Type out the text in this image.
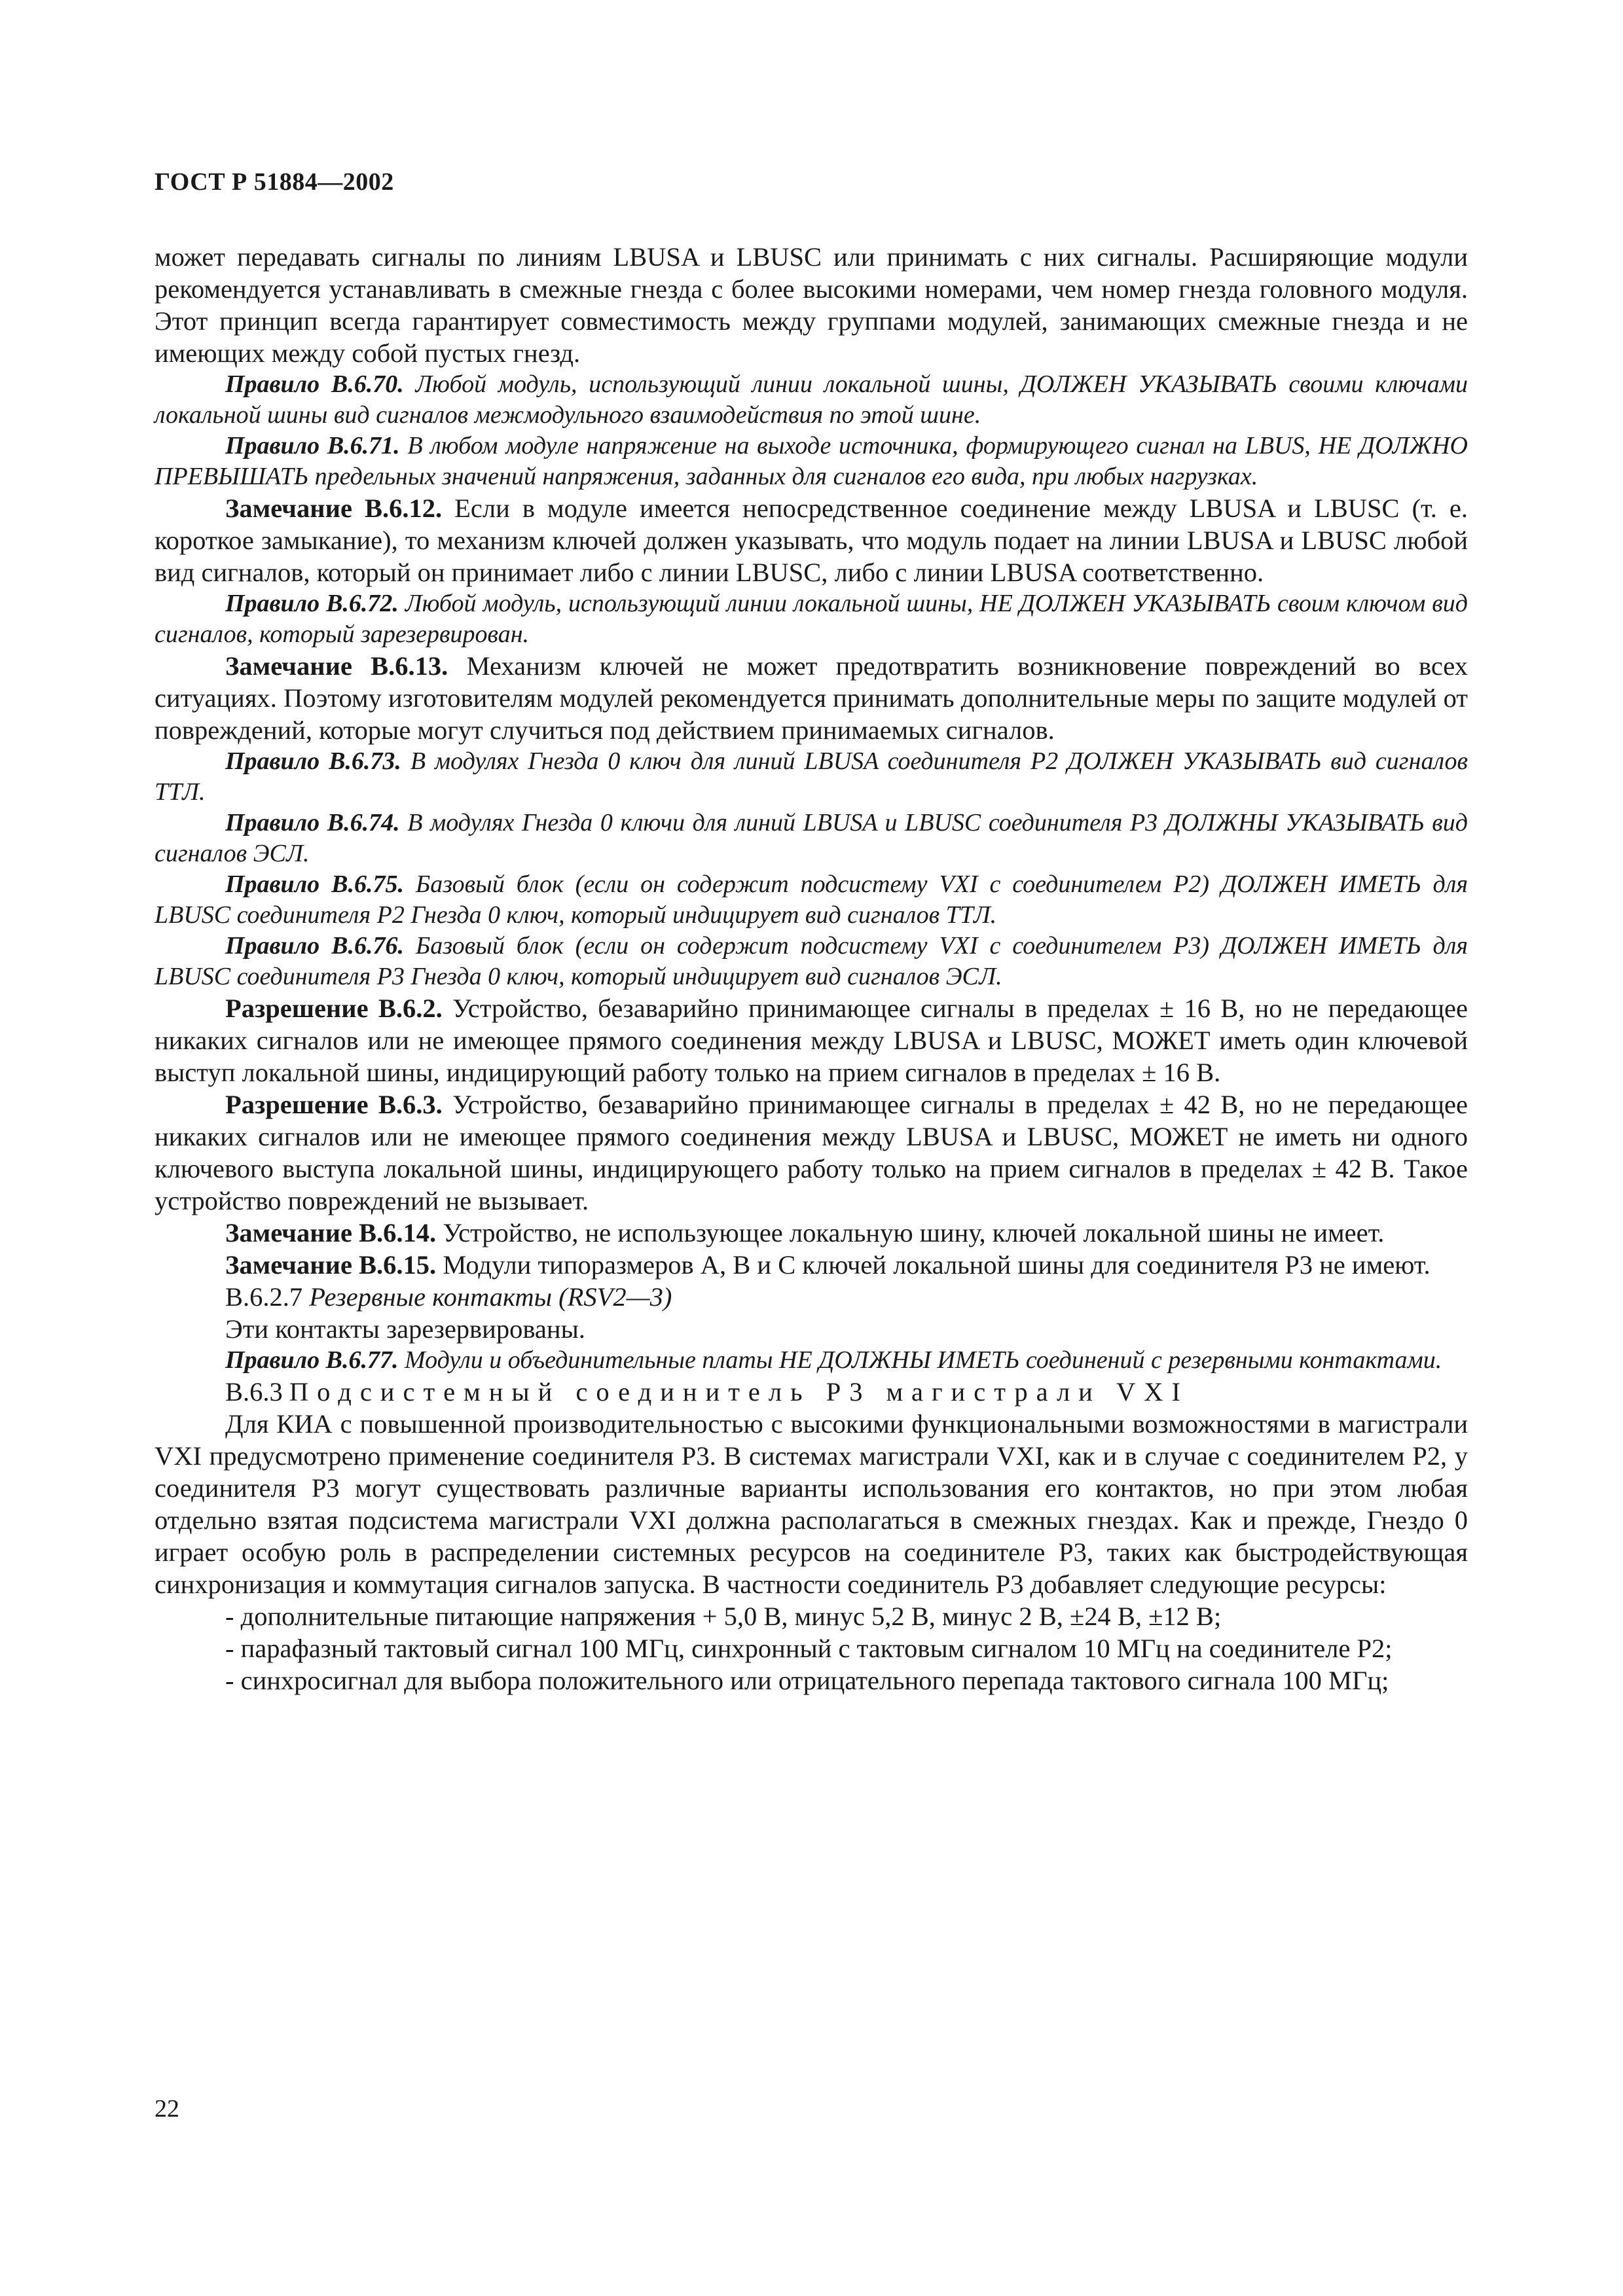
ГОСТ Р 51884—2002

может передавать сигналы по линиям LBUSA и LBUSC или принимать с них сигналы. Расширяющие модули рекомендуется устанавливать в смежные гнезда с более высокими номерами, чем номер гнезда головного модуля. Этот принцип всегда гарантирует совместимость между группами модулей, занимающих смежные гнезда и не имеющих между собой пустых гнезд.

Правило В.6.70. Любой модуль, использующий линии локальной шины, ДОЛЖЕН УКАЗЫВАТЬ своими ключами локальной шины вид сигналов межмодульного взаимодействия по этой шине.

Правило В.6.71. В любом модуле напряжение на выходе источника, формирующего сигнал на LBUS, НЕ ДОЛЖНО ПРЕВЫШАТЬ предельных значений напряжения, заданных для сигналов его вида, при любых нагрузках.

Замечание В.6.12. Если в модуле имеется непосредственное соединение между LBUSA и LBUSC (т. е. короткое замыкание), то механизм ключей должен указывать, что модуль подает на линии LBUSA и LBUSC любой вид сигналов, который он принимает либо с линии LBUSC, либо с линии LBUSA соответственно.

Правило В.6.72. Любой модуль, использующий линии локальной шины, НЕ ДОЛЖЕН УКАЗЫВАТЬ своим ключом вид сигналов, который зарезервирован.

Замечание В.6.13. Механизм ключей не может предотвратить возникновение повреждений во всех ситуациях. Поэтому изготовителям модулей рекомендуется принимать дополнительные меры по защите модулей от повреждений, которые могут случиться под действием принимаемых сигналов.

Правило В.6.73. В модулях Гнезда 0 ключ для линий LBUSA соединителя Р2 ДОЛЖЕН УКАЗЫВАТЬ вид сигналов ТТЛ.

Правило В.6.74. В модулях Гнезда 0 ключи для линий LBUSA и LBUSC соединителя Р3 ДОЛЖНЫ УКАЗЫВАТЬ вид сигналов ЭСЛ.

Правило В.6.75. Базовый блок (если он содержит подсистему VXI с соединителем Р2) ДОЛЖЕН ИМЕТЬ для LBUSC соединителя Р2 Гнезда 0 ключ, который индицирует вид сигналов ТТЛ.

Правило В.6.76. Базовый блок (если он содержит подсистему VXI с соединителем Р3) ДОЛЖЕН ИМЕТЬ для LBUSC соединителя Р3 Гнезда 0 ключ, который индицирует вид сигналов ЭСЛ.

Разрешение В.6.2. Устройство, безаварийно принимающее сигналы в пределах ± 16 В, но не передающее никаких сигналов или не имеющее прямого соединения между LBUSA и LBUSC, МОЖЕТ иметь один ключевой выступ локальной шины, индицирующий работу только на прием сигналов в пределах ± 16 В.

Разрешение В.6.3. Устройство, безаварийно принимающее сигналы в пределах ± 42 В, но не передающее никаких сигналов или не имеющее прямого соединения между LBUSA и LBUSC, МОЖЕТ не иметь ни одного ключевого выступа локальной шины, индицирующего работу только на прием сигналов в пределах ± 42 В. Такое устройство повреждений не вызывает.

Замечание В.6.14. Устройство, не использующее локальную шину, ключей локальной шины не имеет.

Замечание В.6.15. Модули типоразмеров А, В и С ключей локальной шины для соединителя Р3 не имеют.

В.6.2.7 Резервные контакты (RSV2—3)

Эти контакты зарезервированы.

Правило В.6.77. Модули и объединительные платы НЕ ДОЛЖНЫ ИМЕТЬ соединений с резервными контактами.

В.6.3 Подсистемный соединитель Р3 магистрали VXI

Для КИА с повышенной производительностью с высокими функциональными возможностями в магистрали VXI предусмотрено применение соединителя Р3. В системах магистрали VXI, как и в случае с соединителем Р2, у соединителя Р3 могут существовать различные варианты использования его контактов, но при этом любая отдельно взятая подсистема магистрали VXI должна располагаться в смежных гнездах. Как и прежде, Гнездо 0 играет особую роль в распределении системных ресурсов на соединителе Р3, таких как быстродействующая синхронизация и коммутация сигналов запуска. В частности соединитель Р3 добавляет следующие ресурсы:

- дополнительные питающие напряжения + 5,0 В, минус 5,2 В, минус 2 В, ±24 В, ±12 В;

- парафазный тактовый сигнал 100 МГц, синхронный с тактовым сигналом 10 МГц на соединителе Р2;

- синхросигнал для выбора положительного или отрицательного перепада тактового сигнала 100 МГц;

22
